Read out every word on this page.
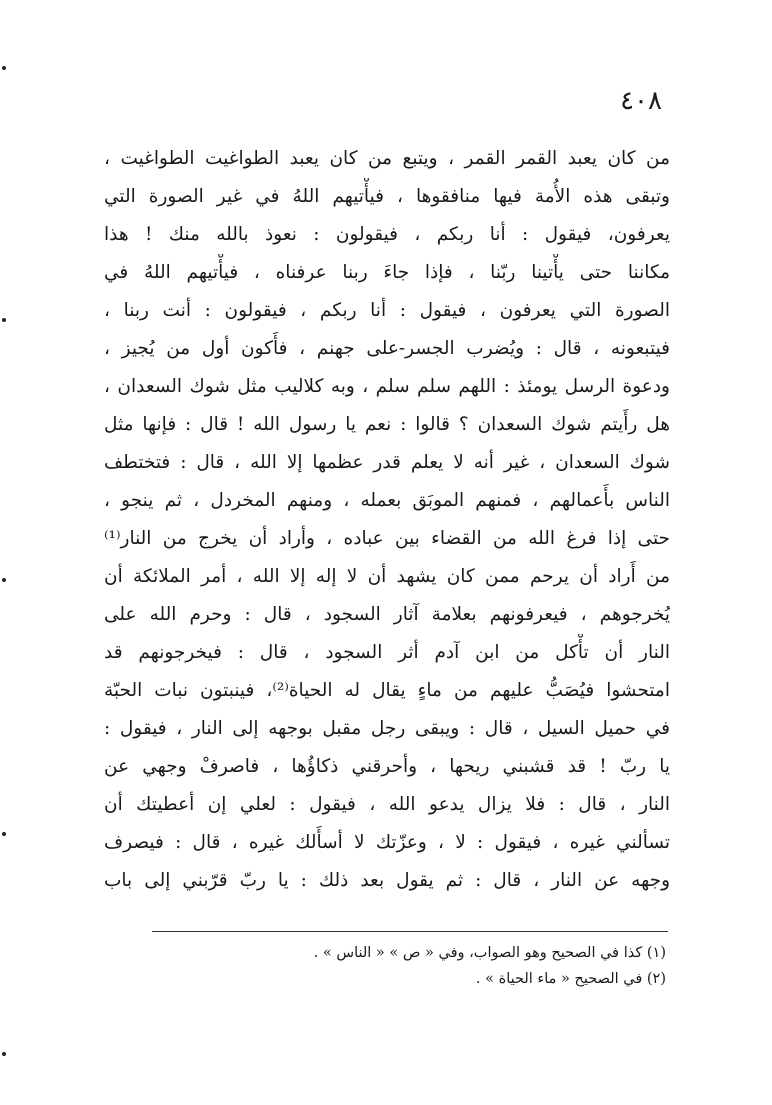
٤٠٨
من كان يعبد القمر القمر ، ويتبع من كان يعبد الطواغيت الطواغيت ،
وتبقى هذه الأُمة فيها منافقوها ، فيأْتيهم اللهُ في غير الصورة التي
يعرفون، فيقول : أنا ربكم ، فيقولون : نعوذ بالله منك ! هذا
مكاننا حتى يأْتينا ربّنا ، فإذا جاءَ ربنا عرفناه ، فيأْتيهم اللهُ في
الصورة التي يعرفون ، فيقول : أنا ربكم ، فيقولون : أنت ربنا ،
فيتبعونه ، قال : ويُضرب الجسر-على جهنم ، فأَكون أول من يُجيز ،
ودعوة الرسل يومئذ : اللهم سلم سلم ، وبه كلاليب مثل شوك السعدان ،
هل رأَيتم شوك السعدان ؟ قالوا : نعم يا رسول الله ! قال : فإنها مثل
شوك السعدان ، غير أنه لا يعلم قدر عظمها إلا الله ، قال : فتختطف
الناس بأَعمالهم ، فمنهم الموبَق بعمله ، ومنهم المخردل ، ثم ينجو ،
حتى إذا فرغ الله من القضاء بين عباده ، وأراد أن يخرج من النار⁽¹⁾
من أَراد أن يرحم ممن كان يشهد أن لا إله إلا الله ، أمر الملائكة أن
يُخرجوهم ، فيعرفونهم بعلامة آثار السجود ، قال : وحرم الله على
النار أن تأْكل من ابن آدم أثر السجود ، قال : فيخرجونهم قد
امتحشوا فيُصَبُّ عليهم من ماءٍ يقال له الحياة⁽²⁾، فينبتون نبات الحبّة
في حميل السيل ، قال : ويبقى رجل مقبل بوجهه إلى النار ، فيقول :
يا ربّ ! قد قشبني ريحها ، وأحرقني ذكاؤُها ، فاصرفْ وجهي عن
النار ، قال : فلا يزال يدعو الله ، فيقول : لعلي إن أعطيتك أن
تسألني غيره ، فيقول : لا ، وعزّتك لا أسأَلك غيره ، قال : فيصرف
وجهه عن النار ، قال : ثم يقول بعد ذلك : يا ربّ قرّبني إلى باب
(١) كذا في الصحيح وهو الصواب، وفي « ص » « الناس » .
(٢) في الصحيح « ماء الحياة » .
